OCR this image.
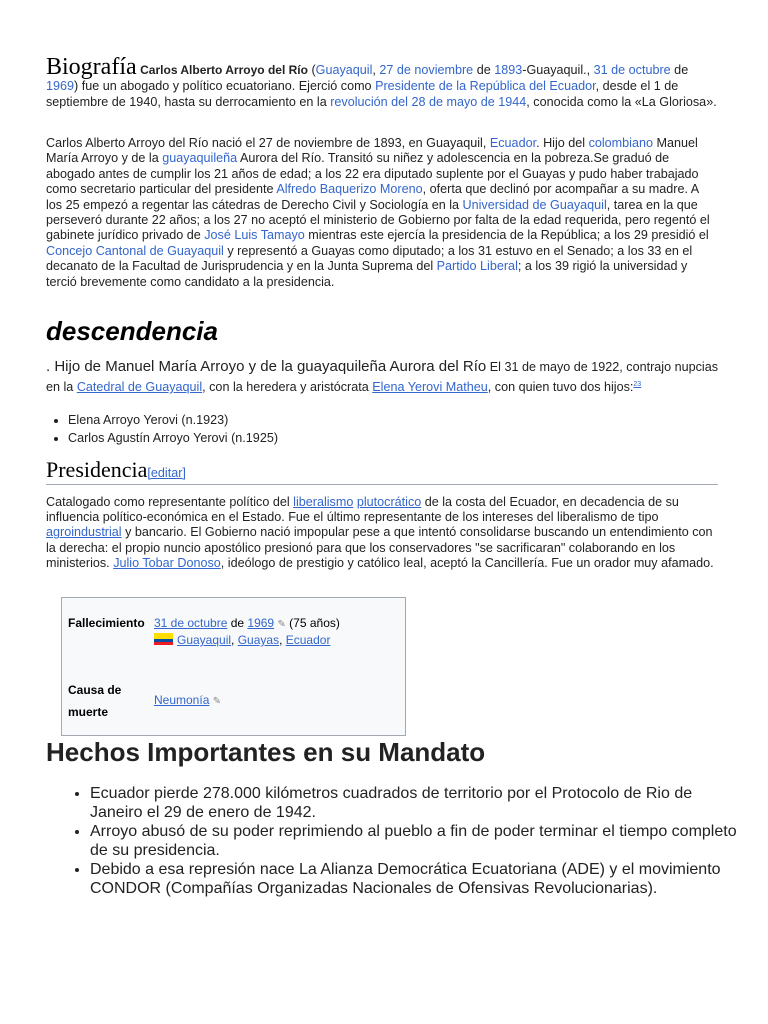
Biografía Carlos Alberto Arroyo del Río (Guayaquil, 27 de noviembre de 1893-Guayaquil., 31 de octubre de 1969) fue un abogado y político ecuatoriano. Ejerció como Presidente de la República del Ecuador, desde el 1 de septiembre de 1940, hasta su derrocamiento en la revolución del 28 de mayo de 1944, conocida como la «La Gloriosa».
Carlos Alberto Arroyo del Río nació el 27 de noviembre de 1893, en Guayaquil, Ecuador. Hijo del colombiano Manuel María Arroyo y de la guayaquileña Aurora del Río. Transitó su niñez y adolescencia en la pobreza.Se graduó de abogado antes de cumplir los 21 años de edad; a los 22 era diputado suplente por el Guayas y pudo haber trabajado como secretario particular del presidente Alfredo Baquerizo Moreno, oferta que declinó por acompañar a su madre. A los 25 empezó a regentar las cátedras de Derecho Civil y Sociología en la Universidad de Guayaquil, tarea en la que perseveró durante 22 años; a los 27 no aceptó el ministerio de Gobierno por falta de la edad requerida, pero regentó el gabinete jurídico privado de José Luis Tamayo mientras este ejercía la presidencia de la República; a los 29 presidió el Concejo Cantonal de Guayaquil y representó a Guayas como diputado; a los 31 estuvo en el Senado; a los 33 en el decanato de la Facultad de Jurisprudencia y en la Junta Suprema del Partido Liberal; a los 39 rigió la universidad y terció brevemente como candidato a la presidencia.
descendencia
. Hijo de Manuel María Arroyo y de la guayaquileña Aurora del Río El 31 de mayo de 1922, contrajo nupcias en la Catedral de Guayaquil, con la heredera y aristócrata Elena Yerovi Matheu, con quien tuvo dos hijos:$^{23}$
• Elena Arroyo Yerovi (n.1923)
• Carlos Agustín Arroyo Yerovi (n.1925)
Presidencia[editar]
Catalogado como representante político del liberalismo plutocrático de la costa del Ecuador, en decadencia de su influencia político-económica en el Estado. Fue el último representante de los intereses del liberalismo de tipo agroindustrial y bancario. El Gobierno nació impopular pese a que intentó consolidarse buscando un entendimiento con la derecha: el propio nuncio apostólico presionó para que los conservadores "se sacrificaran" colaborando en los ministerios. Julio Tobar Donoso, ideólogo de prestigio y católico leal, aceptó la Cancillería. Fue un orador muy afamado.
Fallecimiento 31 de octubre de 1969 ✎ (75 años)
Guayaquil, Guayas, Ecuador
Causa de
muerte
Neumonía ✎
Hechos Importantes en su Mandato
• Ecuador pierde 278.000 kilómetros cuadrados de territorio por el Protocolo de Rio de Janeiro el 29 de enero de 1942.
• Arroyo abusó de su poder reprimiendo al pueblo a fin de poder terminar el tiempo completo de su presidencia.
• Debido a esa represión nace La Alianza Democrática Ecuatoriana (ADE) y el movimiento CONDOR (Compañías Organizadas Nacionales de Ofensivas Revolucionarias).
